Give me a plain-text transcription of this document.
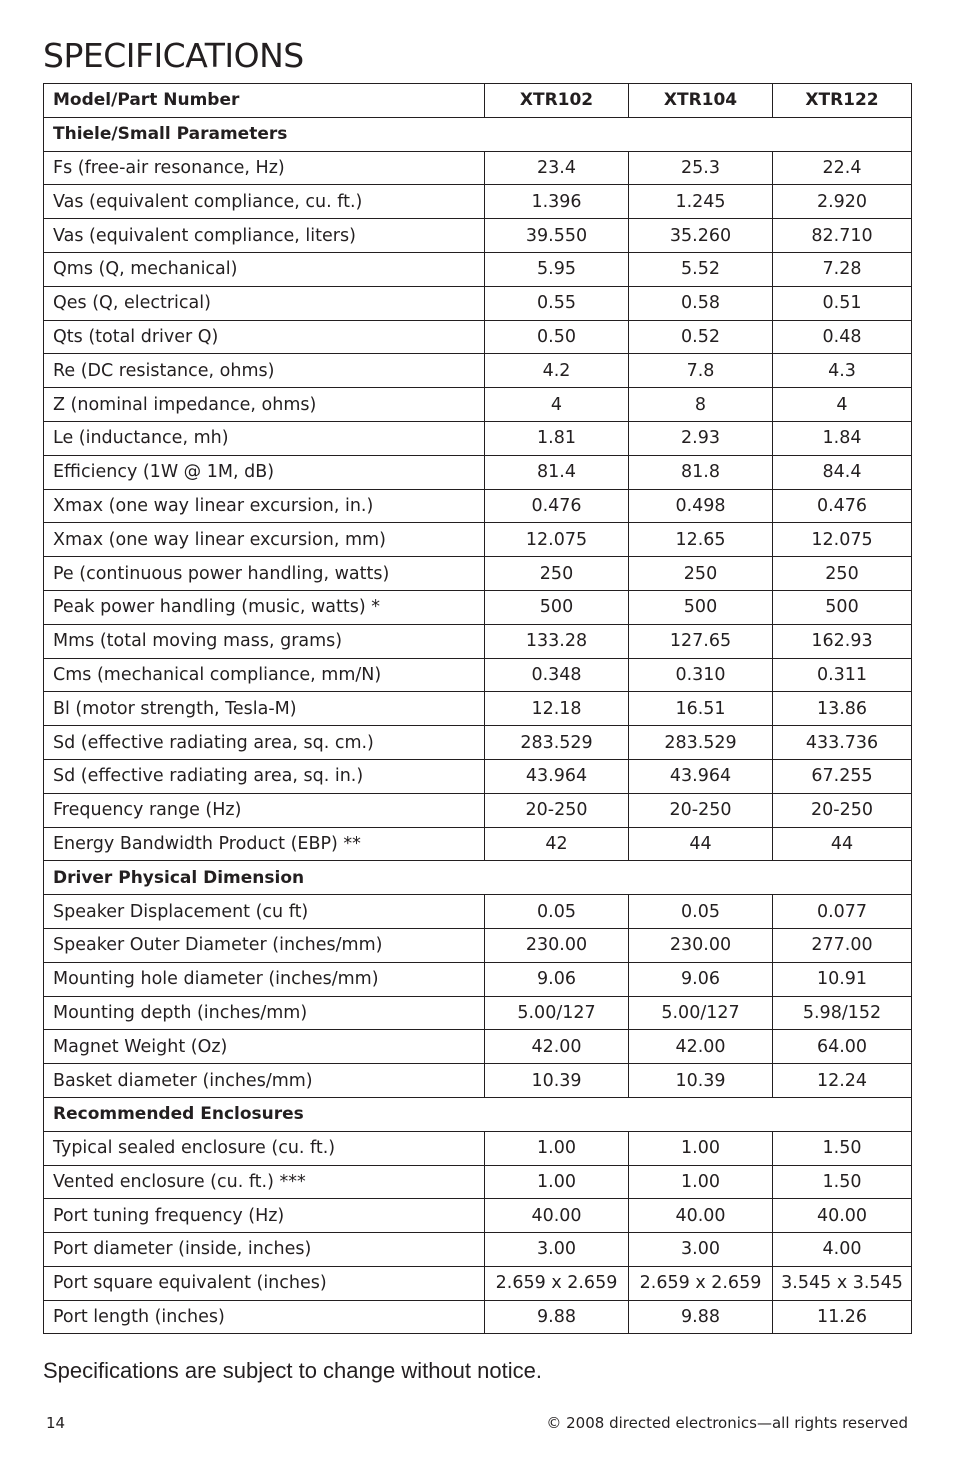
SPECIFICATIONS
Model/Part Number	XTR102	XTR104	XTR122
Thiele/Small Parameters			
Fs (free-air resonance, Hz)	23.4	25.3	22.4
Vas (equivalent compliance, cu. ft.)	1.396	1.245	2.920
Vas (equivalent compliance, liters)	39.550	35.260	82.710
Qms (Q, mechanical)	5.95	5.52	7.28
Qes (Q, electrical)	0.55	0.58	0.51
Qts (total driver Q)	0.50	0.52	0.48
Re (DC resistance, ohms)	4.2	7.8	4.3
Z (nominal impedance, ohms)	4	8	4
Le (inductance, mh)	1.81	2.93	1.84
Efficiency (1W @ 1M, dB)	81.4	81.8	84.4
Xmax (one way linear excursion, in.)	0.476	0.498	0.476
Xmax (one way linear excursion, mm)	12.075	12.65	12.075
Pe (continuous power handling, watts)	250	250	250
Peak power handling (music, watts) *	500	500	500
Mms (total moving mass, grams)	133.28	127.65	162.93
Cms (mechanical compliance, mm/N)	0.348	0.310	0.311
Bl (motor strength, Tesla-M)	12.18	16.51	13.86
Sd (effective radiating area, sq. cm.)	283.529	283.529	433.736
Sd (effective radiating area, sq. in.)	43.964	43.964	67.255
Frequency range (Hz)	20-250	20-250	20-250
Energy Bandwidth Product (EBP) **	42	44	44
Driver Physical Dimension			
Speaker Displacement (cu ft)	0.05	0.05	0.077
Speaker Outer Diameter (inches/mm)	230.00	230.00	277.00
Mounting hole diameter (inches/mm)	9.06	9.06	10.91
Mounting depth (inches/mm)	5.00/127	5.00/127	5.98/152
Magnet Weight (Oz)	42.00	42.00	64.00
Basket diameter (inches/mm)	10.39	10.39	12.24
Recommended Enclosures			
Typical sealed enclosure (cu. ft.)	1.00	1.00	1.50
Vented enclosure (cu. ft.) ***	1.00	1.00	1.50
Port tuning frequency (Hz)	40.00	40.00	40.00
Port diameter (inside, inches)	3.00	3.00	4.00
Port square equivalent (inches)	2.659 x 2.659	2.659 x 2.659	3.545 x 3.545
Port length (inches)	9.88	9.88	11.26

Specifications are subject to change without notice.

14	© 2008 directed electronics—all rights reserved
